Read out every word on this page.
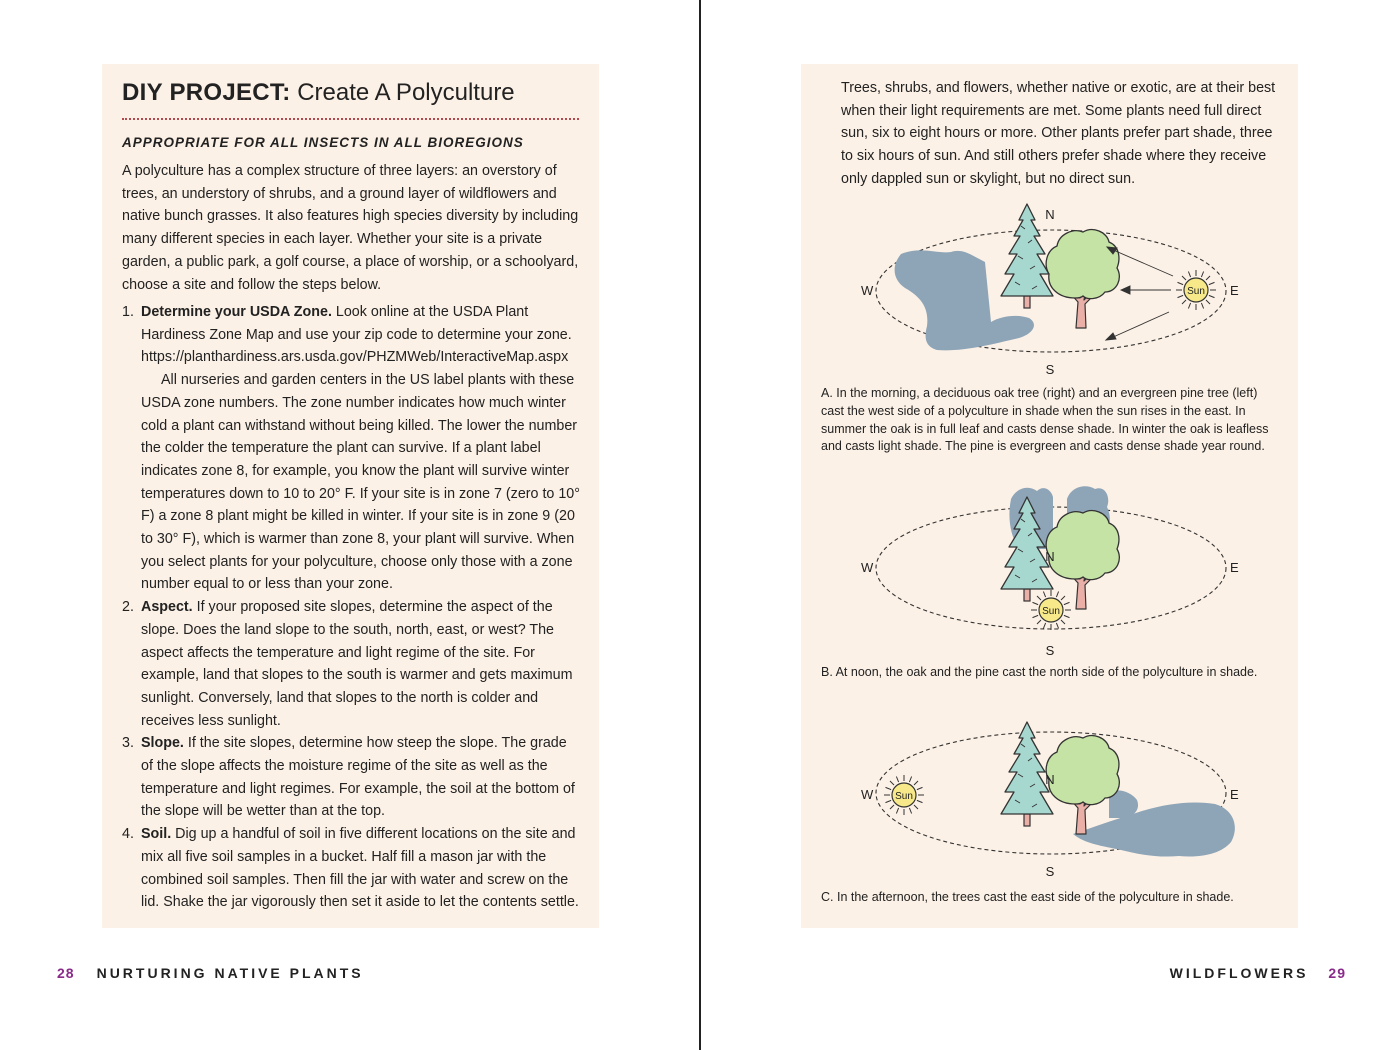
DIY PROJECT: Create A Polyculture
APPROPRIATE FOR ALL INSECTS IN ALL BIOREGIONS
A polyculture has a complex structure of three layers: an overstory of trees, an understory of shrubs, and a ground layer of wildflowers and native bunch grasses. It also features high species diversity by including many different species in each layer. Whether your site is a private garden, a public park, a golf course, a place of worship, or a schoolyard, choose a site and follow the steps below.
1. Determine your USDA Zone. Look online at the USDA Plant Hardiness Zone Map and use your zip code to determine your zone.

https://planthardiness.ars.usda.gov/PHZMWeb/InteractiveMap.aspx

All nurseries and garden centers in the US label plants with these USDA zone numbers. The zone number indicates how much winter cold a plant can withstand without being killed. The lower the number the colder the temperature the plant can survive. If a plant label indicates zone 8, for example, you know the plant will survive winter temperatures down to 10 to 20° F. If your site is in zone 7 (zero to 10° F) a zone 8 plant might be killed in winter. If your site is in zone 9 (20 to 30° F), which is warmer than zone 8, your plant will survive. When you select plants for your polyculture, choose only those with a zone number equal to or less than your zone.

2. Aspect. If your proposed site slopes, determine the aspect of the slope. Does the land slope to the south, north, east, or west? The aspect affects the temperature and light regime of the site. For example, land that slopes to the south is warmer and gets maximum sunlight. Conversely, land that slopes to the north is colder and receives less sunlight.

3. Slope. If the site slopes, determine how steep the slope. The grade of the slope affects the moisture regime of the site as well as the temperature and light regimes. For example, the soil at the bottom of the slope will be wetter than at the top.

4. Soil. Dig up a handful of soil in five different locations on the site and mix all five soil samples in a bucket. Half fill a mason jar with the combined soil samples. Then fill the jar with water and screw on the lid. Shake the jar vigorously then set it aside to let the contents settle.

28 NURTURING NATIVE PLANTS
Trees, shrubs, and flowers, whether native or exotic, are at their best when their light requirements are met. Some plants need full direct sun, six to eight hours or more. Other plants prefer part shade, three to six hours of sun. And still others prefer shade where they receive only dappled sun or skylight, but no direct sun.
Sun
N
S
E
W
A. In the morning, a deciduous oak tree (right) and an evergreen pine tree (left) cast the west side of a polyculture in shade when the sun rises in the east. In summer the oak is in full leaf and casts dense shade. In winter the oak is leafless and casts light shade. The pine is evergreen and casts dense shade year round.
Sun
N
S
E
W
B. At noon, the oak and the pine cast the north side of the polyculture in shade.
Sun
N
S
E
W
C. In the afternoon, the trees cast the east side of the polyculture in shade.
WILDFLOWERS 29
